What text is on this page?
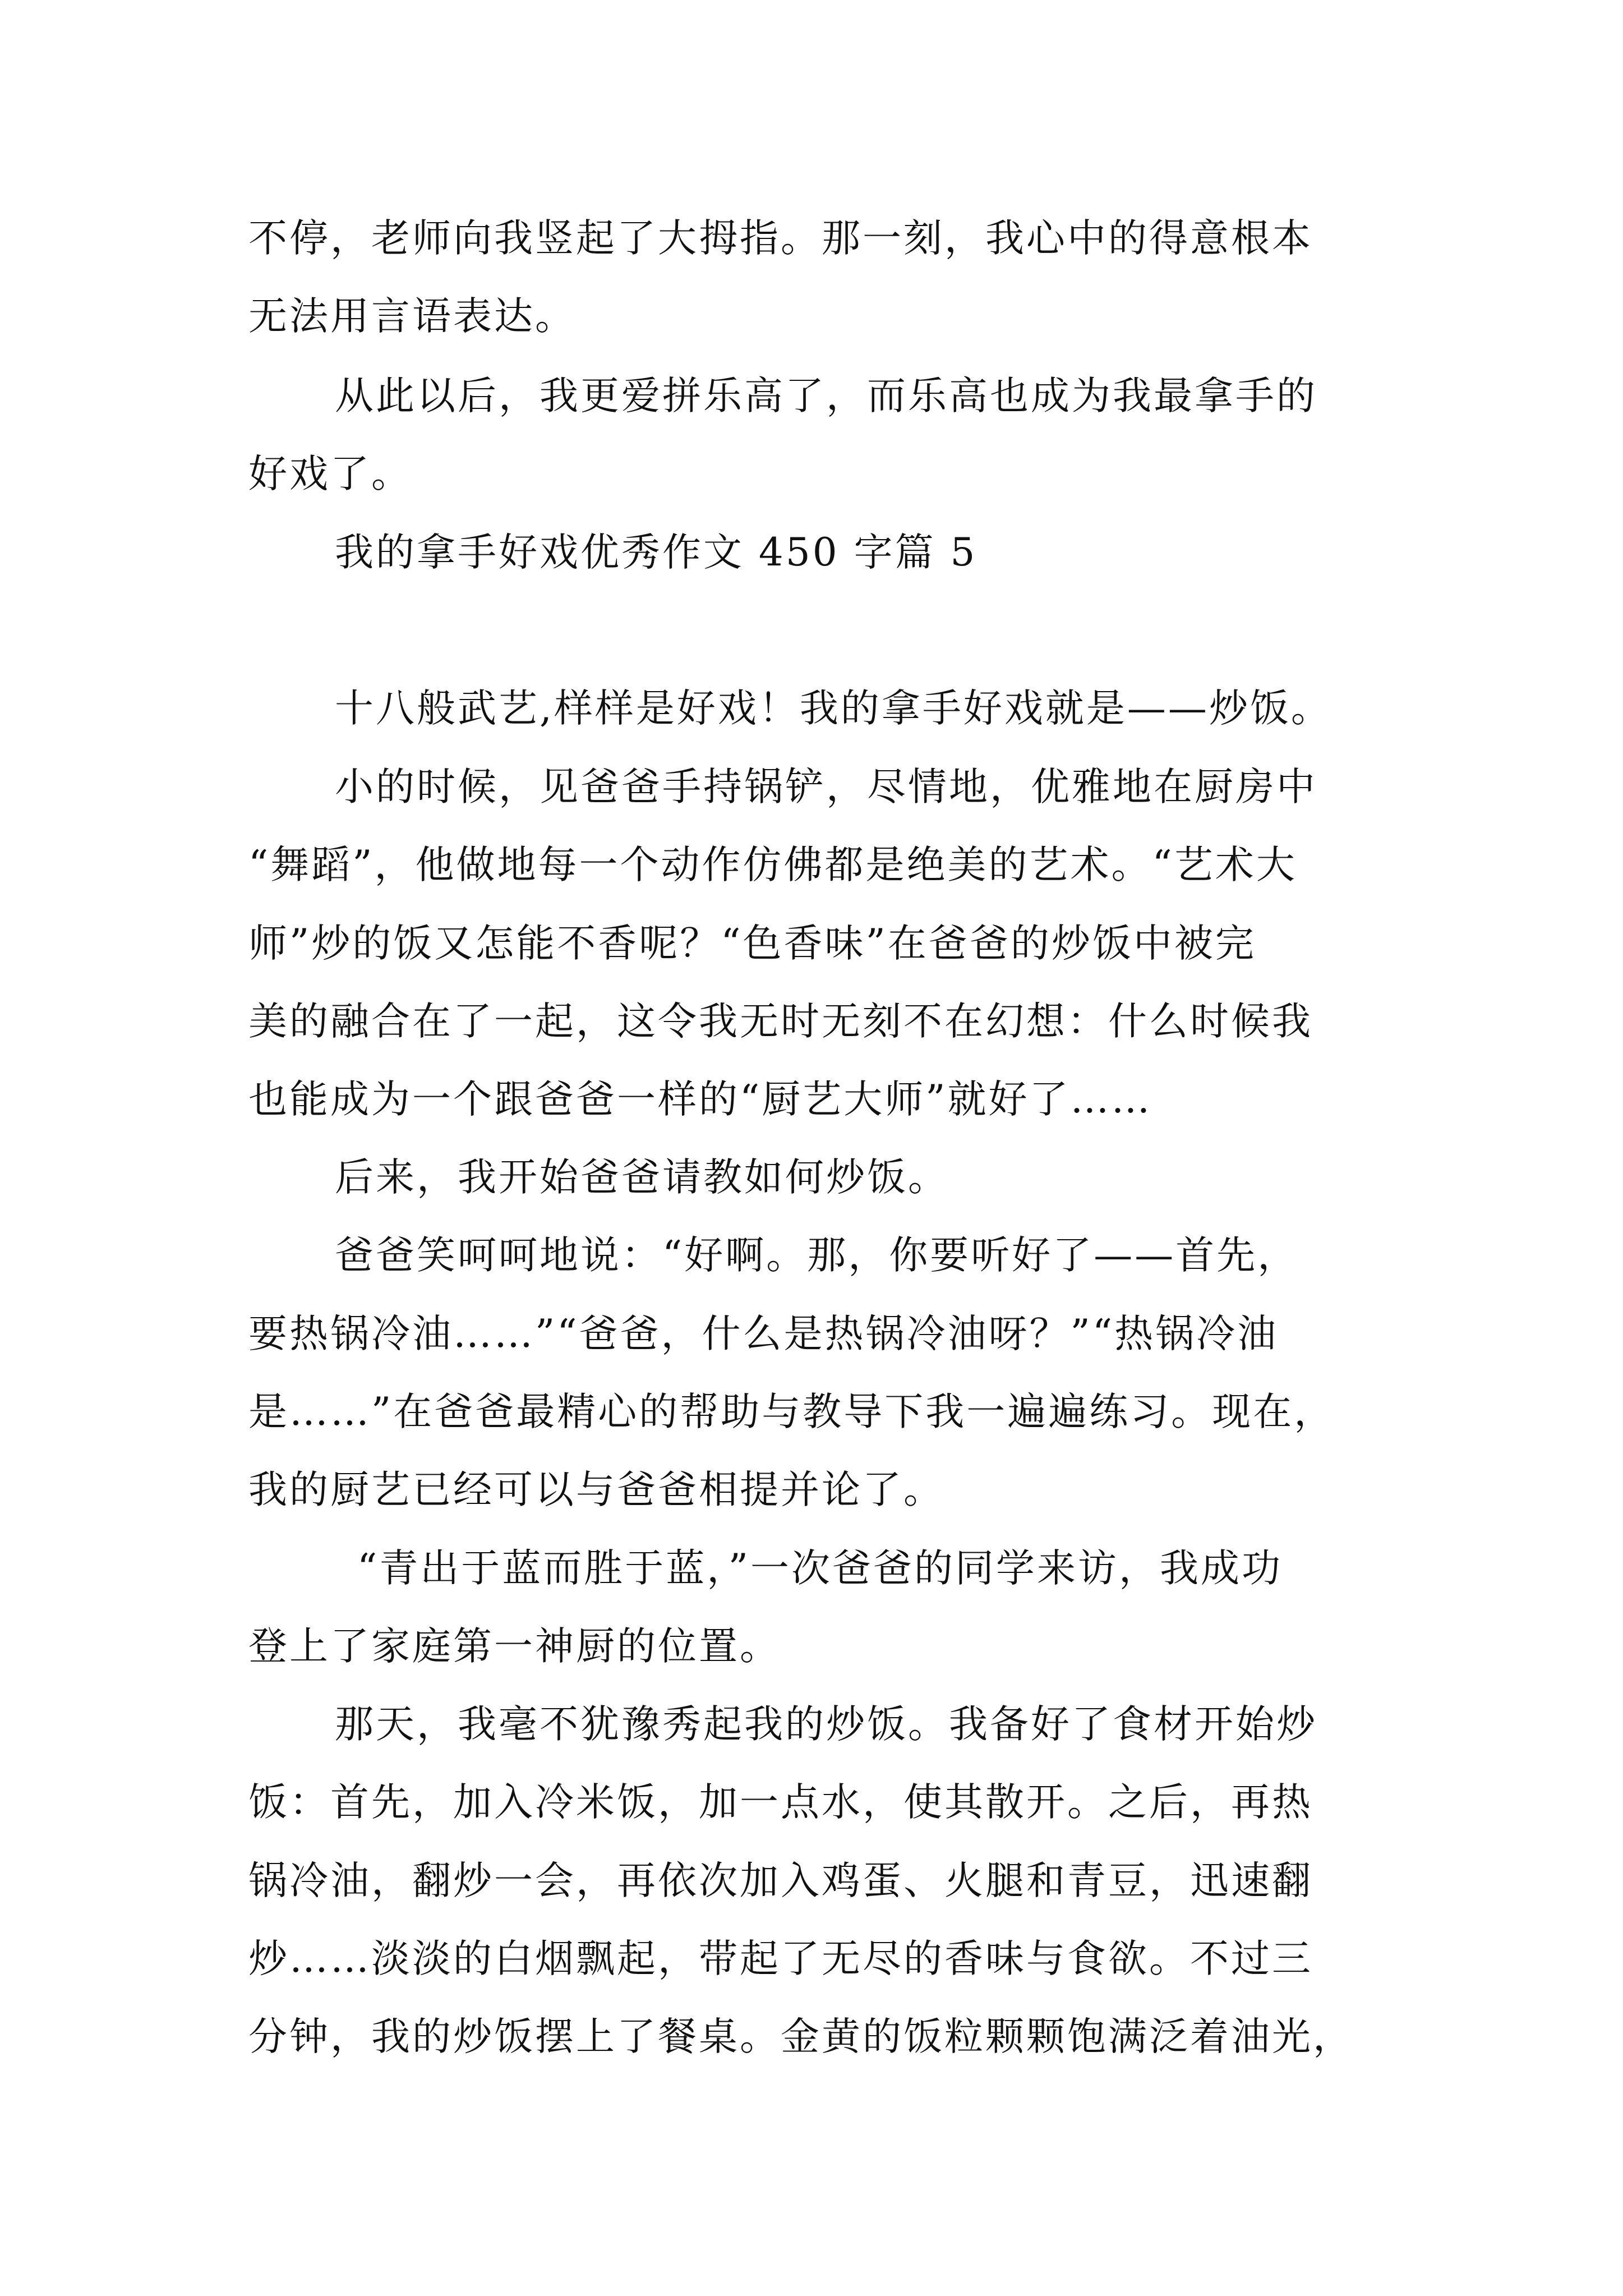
不停，老师向我竖起了大拇指。那一刻，我心中的得意根本
无法用言语表达。
从此以后，我更爱拼乐高了，而乐高也成为我最拿手的
好戏了。
我的拿手好戏优秀作文 450 字篇 5
十八般武艺,样样是好戏！我的拿手好戏就是——炒饭。
小的时候，见爸爸手持锅铲，尽情地，优雅地在厨房中
“舞蹈”，他做地每一个动作仿佛都是绝美的艺术。“艺术大
师”炒的饭又怎能不香呢？“色香味”在爸爸的炒饭中被完
美的融合在了一起，这令我无时无刻不在幻想：什么时候我
也能成为一个跟爸爸一样的“厨艺大师”就好了……
后来，我开始爸爸请教如何炒饭。
爸爸笑呵呵地说：“好啊。那，你要听好了——首先，
要热锅冷油……”“爸爸，什么是热锅冷油呀？”“热锅冷油
是……”在爸爸最精心的帮助与教导下我一遍遍练习。现在，
我的厨艺已经可以与爸爸相提并论了。
“青出于蓝而胜于蓝，”一次爸爸的同学来访，我成功
登上了家庭第一神厨的位置。
那天，我毫不犹豫秀起我的炒饭。我备好了食材开始炒
饭：首先，加入冷米饭，加一点水，使其散开。之后，再热
锅冷油，翻炒一会，再依次加入鸡蛋、火腿和青豆，迅速翻
炒……淡淡的白烟飘起，带起了无尽的香味与食欲。不过三
分钟，我的炒饭摆上了餐桌。金黄的饭粒颗颗饱满泛着油光，
